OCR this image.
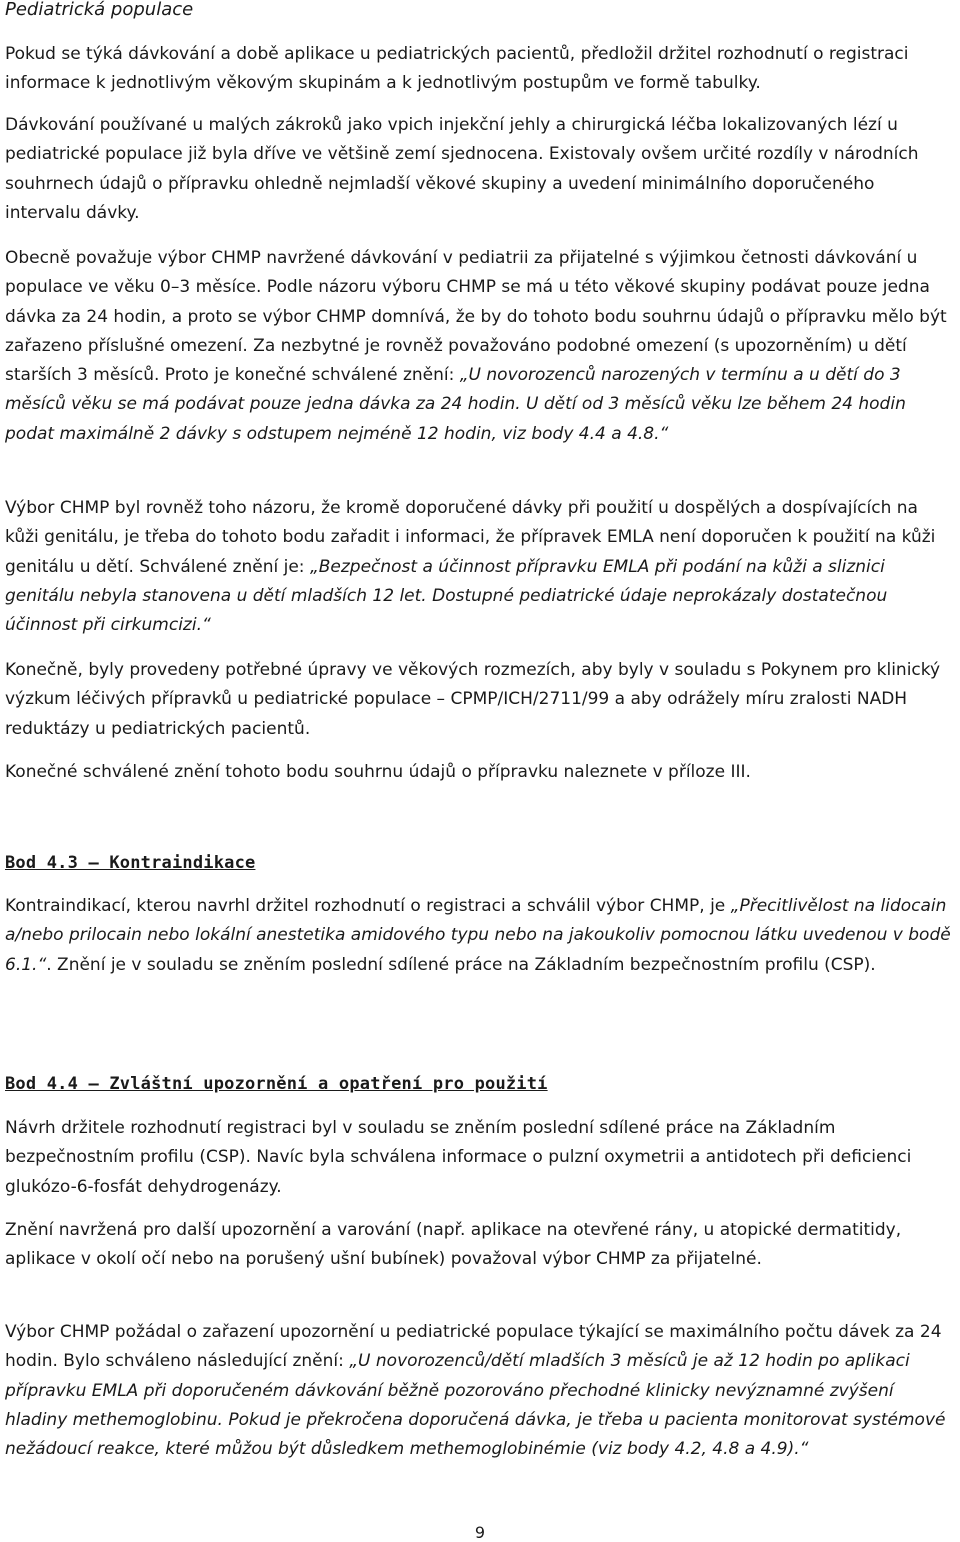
Pediatrická populace

Pokud se týká dávkování a době aplikace u pediatrických pacientů, předložil držitel rozhodnutí o registraci informace k jednotlivým věkovým skupinám a k jednotlivým postupům ve formě tabulky.

Dávkování používané u malých zákroků jako vpich injekční jehly a chirurgická léčba lokalizovaných lézí u pediatrické populace již byla dříve ve většině zemí sjednocena. Existovaly ovšem určité rozdíly v národních souhrnech údajů o přípravku ohledně nejmladší věkové skupiny a uvedení minimálního doporučeného intervalu dávky.

Obecně považuje výbor CHMP navržené dávkování v pediatrii za přijatelné s výjimkou četnosti dávkování u populace ve věku 0–3 měsíce. Podle názoru výboru CHMP se má u této věkové skupiny podávat pouze jedna dávka za 24 hodin, a proto se výbor CHMP domnívá, že by do tohoto bodu souhrnu údajů o přípravku mělo být zařazeno příslušné omezení. Za nezbytné je rovněž považováno podobné omezení (s upozorněním) u dětí starších 3 měsíců. Proto je konečné schválené znění: „U novorozenců narozených v termínu a u dětí do 3 měsíců věku se má podávat pouze jedna dávka za 24 hodin. U dětí od 3 měsíců věku lze během 24 hodin podat maximálně 2 dávky s odstupem nejméně 12 hodin, viz body 4.4 a 4.8.“

Výbor CHMP byl rovněž toho názoru, že kromě doporučené dávky při použití u dospělých a dospívajících na kůži genitálu, je třeba do tohoto bodu zařadit i informaci, že přípravek EMLA není doporučen k použití na kůži genitálu u dětí. Schválené znění je: „Bezpečnost a účinnost přípravku EMLA při podání na kůži a sliznici genitálu nebyla stanovena u dětí mladších 12 let. Dostupné pediatrické údaje neprokázaly dostatečnou účinnost při cirkumcizi.“

Konečně, byly provedeny potřebné úpravy ve věkových rozmezích, aby byly v souladu s Pokynem pro klinický výzkum léčivých přípravků u pediatrické populace – CPMP/ICH/2711/99 a aby odrážely míru zralosti NADH reduktázy u pediatrických pacientů.

Konečné schválené znění tohoto bodu souhrnu údajů o přípravku naleznete v příloze III.

Bod 4.3 – Kontraindikace

Kontraindikací, kterou navrhl držitel rozhodnutí o registraci a schválil výbor CHMP, je „Přecitlivělost na lidocain a/nebo prilocain nebo lokální anestetika amidového typu nebo na jakoukoliv pomocnou látku uvedenou v bodě 6.1.“. Znění je v souladu se zněním poslední sdílené práce na Základním bezpečnostním profilu (CSP).

Bod 4.4 – Zvláštní upozornění a opatření pro použití

Návrh držitele rozhodnutí registraci byl v souladu se zněním poslední sdílené práce na Základním bezpečnostním profilu (CSP). Navíc byla schválena informace o pulzní oxymetrii a antidotech při deficienci glukózo-6-fosfát dehydrogenázy.

Znění navržená pro další upozornění a varování (např. aplikace na otevřené rány, u atopické dermatitidy, aplikace v okolí očí nebo na porušený ušní bubínek) považoval výbor CHMP za přijatelné.

Výbor CHMP požádal o zařazení upozornění u pediatrické populace týkající se maximálního počtu dávek za 24 hodin. Bylo schváleno následující znění: „U novorozenců/dětí mladších 3 měsíců je až 12 hodin po aplikaci přípravku EMLA při doporučeném dávkování běžně pozorováno přechodné klinicky nevýznamné zvýšení hladiny methemoglobinu. Pokud je překročena doporučená dávka, je třeba u pacienta monitorovat systémové nežádoucí reakce, které můžou být důsledkem methemoglobinémie (viz body 4.2, 4.8 a 4.9).“

9
